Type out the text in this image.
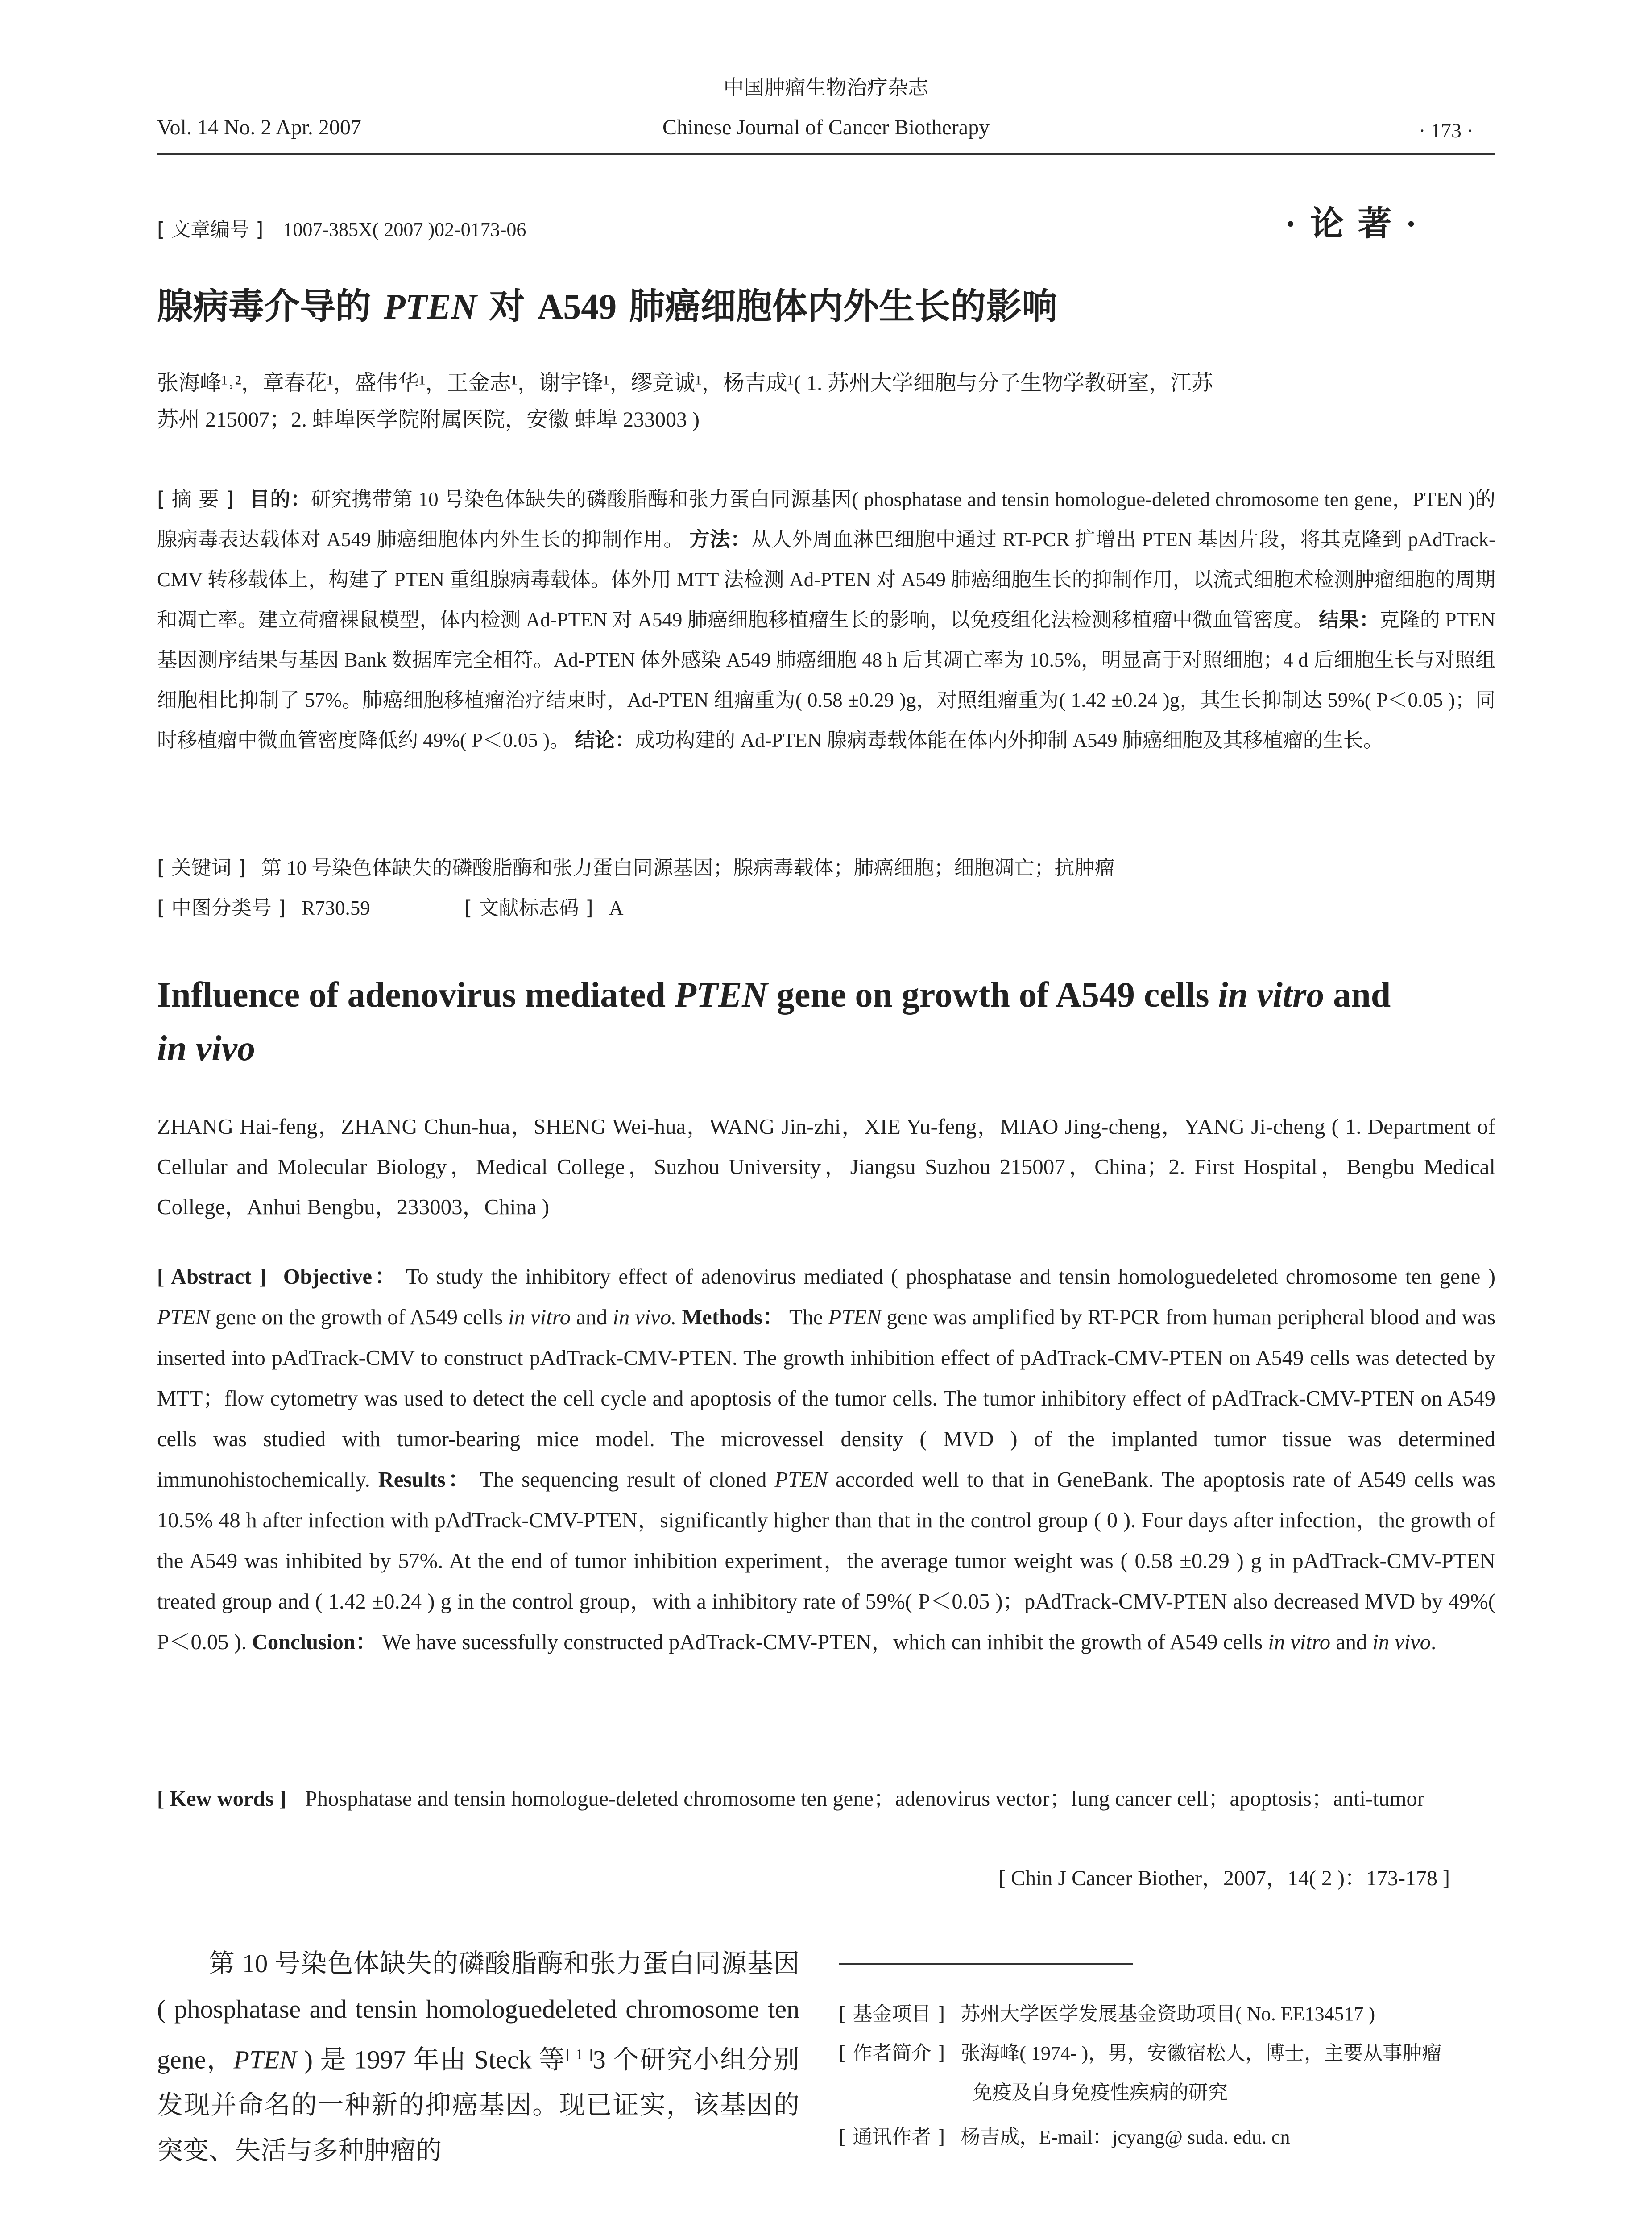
中国肿瘤生物治疗杂志
Vol. 14 No. 2 Apr. 2007	Chinese Journal of Cancer Biotherapy	· 173 ·
[ 文章编号 ] 1007-385X( 2007 )02-0173-06	· 论 著 ·
腺病毒介导的 PTEN 对 A549 肺癌细胞体内外生长的影响
张海峰¹˒²，章春花¹，盛伟华¹，王金志¹，谢宇锋¹，缪竞诚¹，杨吉成¹( 1. 苏州大学细胞与分子生物学教研室，江苏
苏州 215007；2. 蚌埠医学院附属医院，安徽 蚌埠 233003 )
[ 摘 要 ] 目的：研究携带第 10 号染色体缺失的磷酸脂酶和张力蛋白同源基因( phosphatase and tensin homologue-deleted chromosome ten gene，PTEN )的腺病毒表达载体对 A549 肺癌细胞体内外生长的抑制作用。 方法：从人外周血淋巴细胞中通过 RT-PCR 扩增出 PTEN 基因片段，将其克隆到 pAdTrack-CMV 转移载体上，构建了 PTEN 重组腺病毒载体。体外用 MTT 法检测 Ad-PTEN 对 A549 肺癌细胞生长的抑制作用，以流式细胞术检测肿瘤细胞的周期和凋亡率。建立荷瘤裸鼠模型，体内检测 Ad-PTEN 对 A549 肺癌细胞移植瘤生长的影响，以免疫组化法检测移植瘤中微血管密度。 结果：克隆的 PTEN 基因测序结果与基因 Bank 数据库完全相符。Ad-PTEN 体外感染 A549 肺癌细胞 48 h 后其凋亡率为 10.5%，明显高于对照细胞；4 d 后细胞生长与对照组细胞相比抑制了 57%。肺癌细胞移植瘤治疗结束时，Ad-PTEN 组瘤重为( 0.58 ±0.29 )g，对照组瘤重为( 1.42 ±0.24 )g，其生长抑制达 59%( P＜0.05 )；同时移植瘤中微血管密度降低约 49%( P＜0.05 )。 结论：成功构建的 Ad-PTEN 腺病毒载体能在体内外抑制 A549 肺癌细胞及其移植瘤的生长。
[ 关键词 ] 第 10 号染色体缺失的磷酸脂酶和张力蛋白同源基因；腺病毒载体；肺癌细胞；细胞凋亡；抗肿瘤
[ 中图分类号 ] R730.59	[ 文献标志码 ] A
Influence of adenovirus mediated PTEN gene on growth of A549 cells in vitro and
in vivo
ZHANG Hai-feng，ZHANG Chun-hua，SHENG Wei-hua，WANG Jin-zhi，XIE Yu-feng，MIAO Jing-cheng，YANG Ji-cheng ( 1. Department of Cellular and Molecular Biology，Medical College，Suzhou University，Jiangsu Suzhou 215007，China；2. First Hospital，Bengbu Medical College，Anhui Bengbu，233003，China )
[ Abstract ] Objective： To study the inhibitory effect of adenovirus mediated ( phosphatase and tensin homologuedeleted chromosome ten gene ) PTEN gene on the growth of A549 cells in vitro and in vivo. Methods： The PTEN gene was amplified by RT-PCR from human peripheral blood and was inserted into pAdTrack-CMV to construct pAdTrack-CMV-PTEN. The growth inhibition effect of pAdTrack-CMV-PTEN on A549 cells was detected by MTT；flow cytometry was used to detect the cell cycle and apoptosis of the tumor cells. The tumor inhibitory effect of pAdTrack-CMV-PTEN on A549 cells was studied with tumor-bearing mice model. The microvessel density ( MVD ) of the implanted tumor tissue was determined immunohistochemically. Results： The sequencing result of cloned PTEN accorded well to that in GeneBank. The apoptosis rate of A549 cells was 10.5% 48 h after infection with pAdTrack-CMV-PTEN，significantly higher than that in the control group ( 0 ). Four days after infection，the growth of the A549 was inhibited by 57%. At the end of tumor inhibition experiment，the average tumor weight was ( 0.58 ±0.29 ) g in pAdTrack-CMV-PTEN treated group and ( 1.42 ±0.24 ) g in the control group，with a inhibitory rate of 59%( P＜0.05 )；pAdTrack-CMV-PTEN also decreased MVD by 49%( P＜0.05 ). Conclusion： We have sucessfully constructed pAdTrack-CMV-PTEN，which can inhibit the growth of A549 cells in vitro and in vivo.
[ Kew words ] Phosphatase and tensin homologue-deleted chromosome ten gene；adenovirus vector；lung cancer cell；apoptosis；anti-tumor
[ Chin J Cancer Biother，2007，14( 2 )：173-178 ]
第 10 号染色体缺失的磷酸脂酶和张力蛋白同源基因 ( phosphatase and tensin homologuedeleted chromosome ten gene，PTEN ) 是 1997 年由 Steck 等[ 1 ]3 个研究小组分别发现并命名的一种新的抑癌基因。现已证实，该基因的突变、失活与多种肿瘤的
[ 基金项目 ] 苏州大学医学发展基金资助项目( No. EE134517 )
[ 作者简介 ] 张海峰( 1974- )，男，安徽宿松人，博士，主要从事肿瘤
免疫及自身免疫性疾病的研究
[ 通讯作者 ] 杨吉成，E-mail：jcyang@ suda. edu. cn
